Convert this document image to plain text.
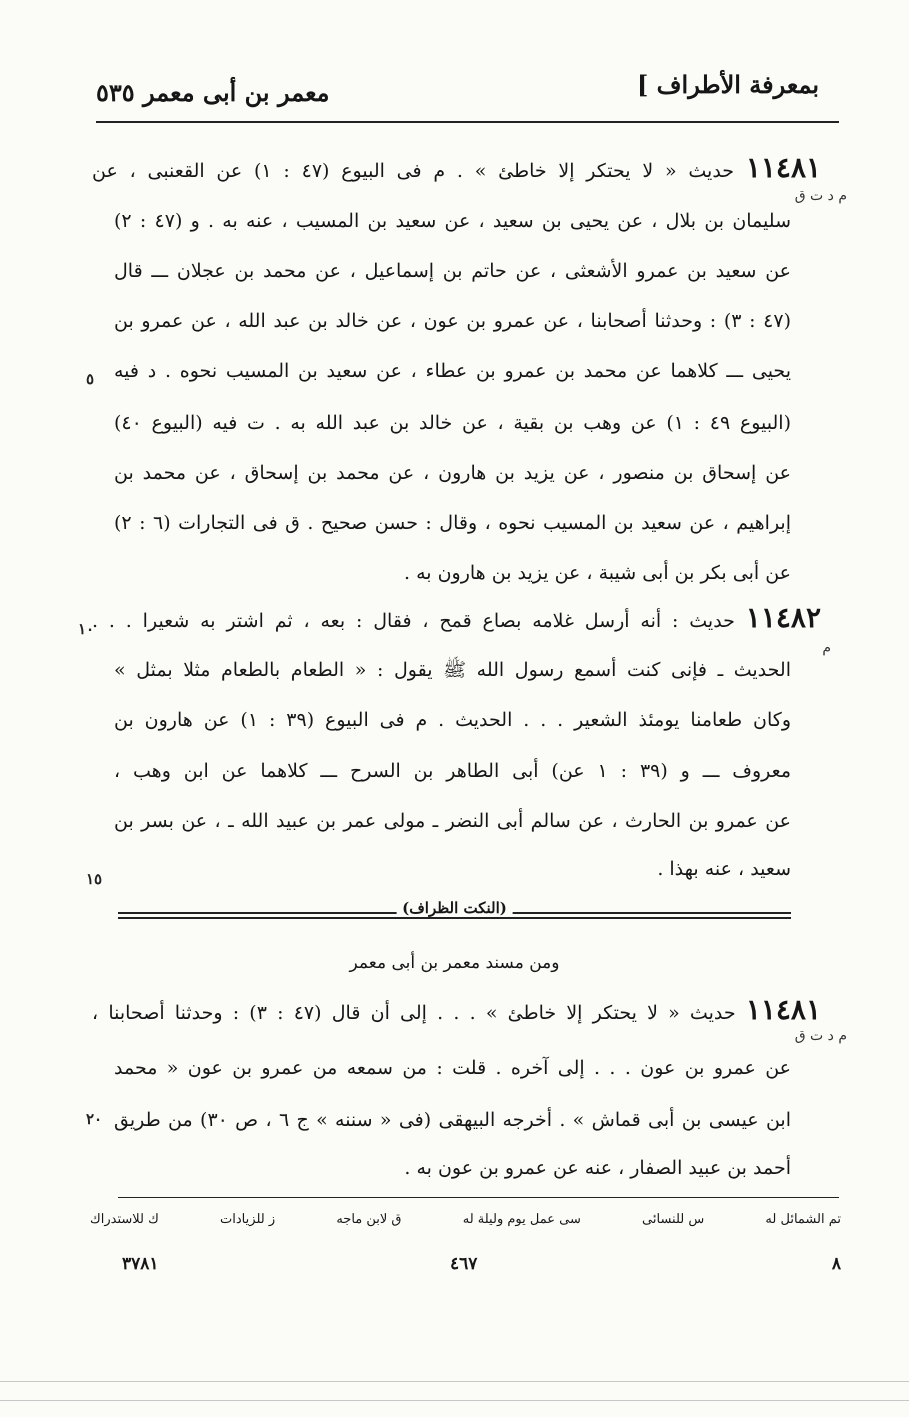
بمعرفة الأطراف ]
معمر بن أبى معمر ٥٣٥
١١٤٨١ حديث « لا يحتكر إلا خاطئ » . م فى البيوع (٤٧ : ١) عن القعنبى ، عن
سليمان بن بلال ، عن يحيى بن سعيد ، عن سعيد بن المسيب ، عنه به . و (٤٧ : ٢)
عن سعيد بن عمرو الأشعثى ، عن حاتم بن إسماعيل ، عن محمد بن عجلان ـــ قال
(٤٧ : ٣) : وحدثنا أصحابنا ، عن عمرو بن عون ، عن خالد بن عبد الله ، عن عمرو بن
يحيى ـــ كلاهما عن محمد بن عمرو بن عطاء ، عن سعيد بن المسيب نحوه . د فيه
(البيوع ٤٩ : ١) عن وهب بن بقية ، عن خالد بن عبد الله به . ت فيه (البيوع ٤٠)
عن إسحاق بن منصور ، عن يزيد بن هارون ، عن محمد بن إسحاق ، عن محمد بن
إبراهيم ، عن سعيد بن المسيب نحوه ، وقال : حسن صحيح . ق فى التجارات (٦ : ٢)
عن أبى بكر بن أبى شيبة ، عن يزيد بن هارون به .
م د ت ق
١١٤٨٢ حديث : أنه أرسل غلامه بصاع قمح ، فقال : بعه ، ثم اشتر به شعيرا . . .
الحديث ـ فإنى كنت أسمع رسول الله ﷺ يقول : « الطعام بالطعام مثلا بمثل »
وكان طعامنا يومئذ الشعير . . . الحديث . م فى البيوع (٣٩ : ١) عن هارون بن
معروف ـــ و (٣٩ : ١ عن) أبى الطاهر بن السرح ـــ كلاهما عن ابن وهب ،
عن عمرو بن الحارث ، عن سالم أبى النضر ـ مولى عمر بن عبيد الله ـ ، عن بسر بن
سعيد ، عنه بهذا .
م
٥
١٠
١٥
٢٠
(النكت الظراف)
ومن مسند معمر بن أبى معمر
١١٤٨١ حديث « لا يحتكر إلا خاطئ » . . . إلى أن قال (٤٧ : ٣) : وحدثنا أصحابنا ،
عن عمرو بن عون . . . إلى آخره . قلت : من سمعه من عمرو بن عون « محمد
ابن عيسى بن أبى قماش » . أخرجه البيهقى (فى « سننه » ج ٦ ، ص ٣٠) من طريق
أحمد بن عبيد الصفار ، عنه عن عمرو بن عون به .
م د ت ق
تم الشمائل له
س للنسائى
سى عمل يوم وليلة له
ق لابن ماجه
ز للزيادات
ك للاستدراك
٨
٤٦٧
٣٧٨١
